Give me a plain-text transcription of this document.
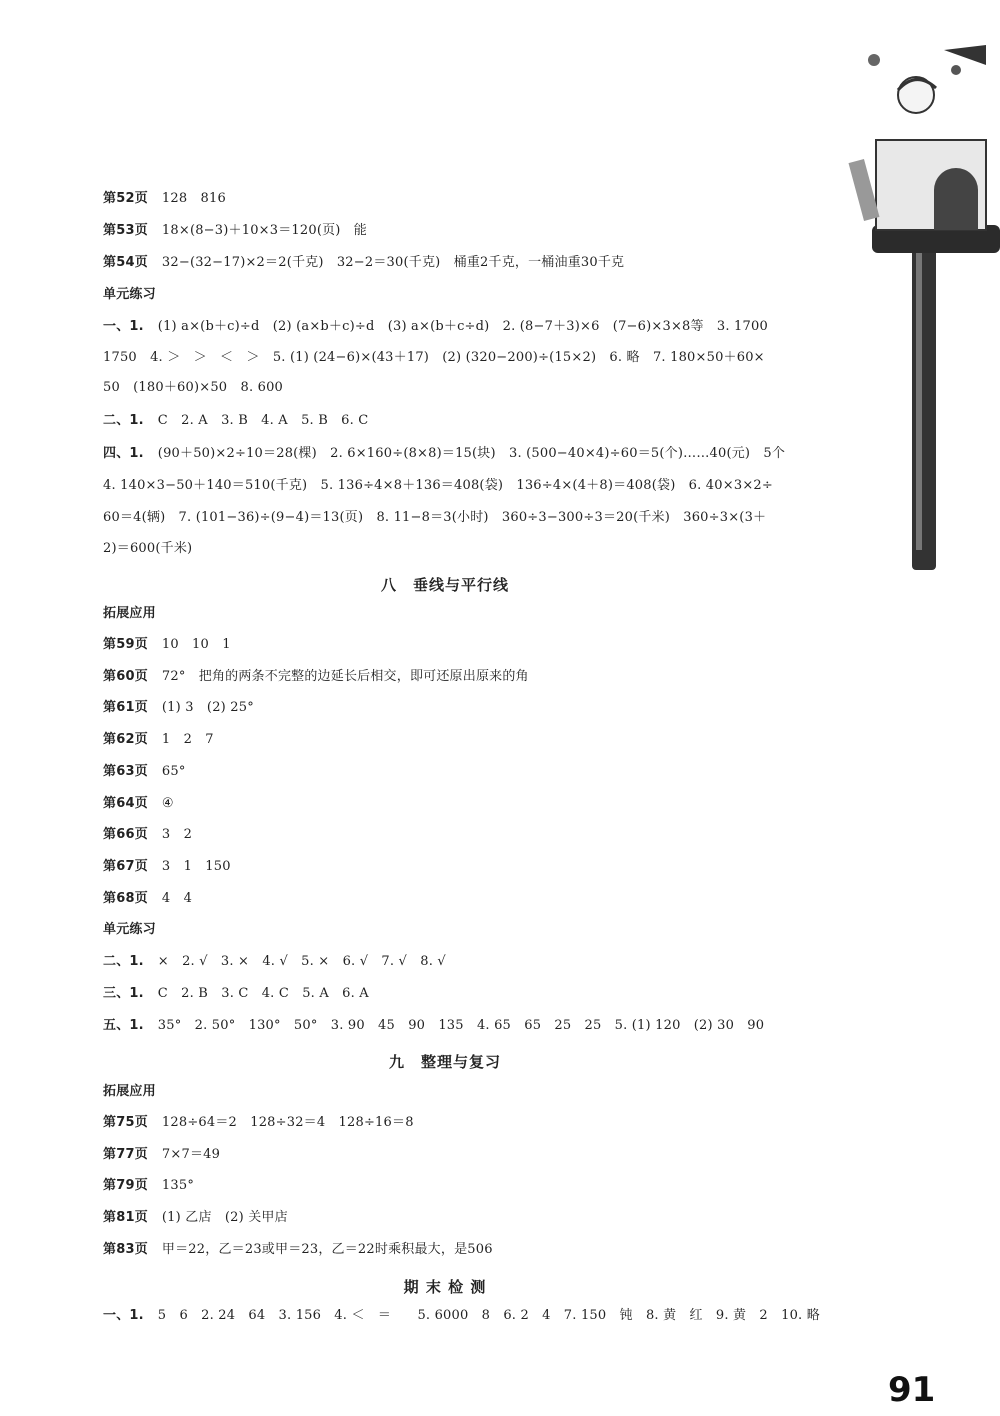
第52页 128　816
第53页 18×(8−3)＋10×3＝120(页)　能
第54页 32−(32−17)×2＝2(千克)　32−2＝30(千克)　桶重2千克，一桶油重30千克
单元练习
一、1. (1) a×(b＋c)÷d　(2) (a×b＋c)÷d　(3) a×(b＋c÷d)　2. (8−7＋3)×6　(7−6)×3×8等　3. 1700
1750　4. ＞　＞　＜　＞　5. (1) (24−6)×(43＋17)　(2) (320−200)÷(15×2)　6. 略　7. 180×50＋60×
50　(180＋60)×50　8. 600
二、1. C　2. A　3. B　4. A　5. B　6. C
四、1. (90＋50)×2÷10＝28(棵)　2. 6×160÷(8×8)＝15(块)　3. (500−40×4)÷60＝5(个)……40(元)　5个
4. 140×3−50＋140＝510(千克)　5. 136÷4×8＋136＝408(袋)　136÷4×(4＋8)＝408(袋)　6. 40×3×2÷
60＝4(辆)　7. (101−36)÷(9−4)＝13(页)　8. 11−8＝3(小时)　360÷3−300÷3＝20(千米)　360÷3×(3＋
2)＝600(千米)
拓展应用
第59页 10　10　1
第60页 72°　把角的两条不完整的边延长后相交，即可还原出原来的角
第61页 (1) 3　(2) 25°
第62页 1　2　7
第63页 65°
第64页 ④
第66页 3　2
第67页 3　1　150
第68页 4　4
单元练习
二、1. ×　2. √　3. ×　4. √　5. ×　6. √　7. √　8. √
三、1. C　2. B　3. C　4. C　5. A　6. A
五、1. 35°　2. 50°　130°　50°　3. 90　45　90　135　4. 65　65　25　25　5. (1) 120　(2) 30　90
拓展应用
第75页 128÷64＝2　128÷32＝4　128÷16＝8
第77页 7×7＝49
第79页 135°
第81页 (1) 乙店　(2) 关甲店
第83页 甲＝22，乙＝23或甲＝23，乙＝22时乘积最大，是506
一、1. 5　6　2. 24　64　3. 156　4. ＜　＝　　5. 6000　8　6. 2　4　7. 150　钝　8. 黄　红　9. 黄　2　10. 略
八　垂线与平行线
九　整理与复习
期 末 检 测
91
